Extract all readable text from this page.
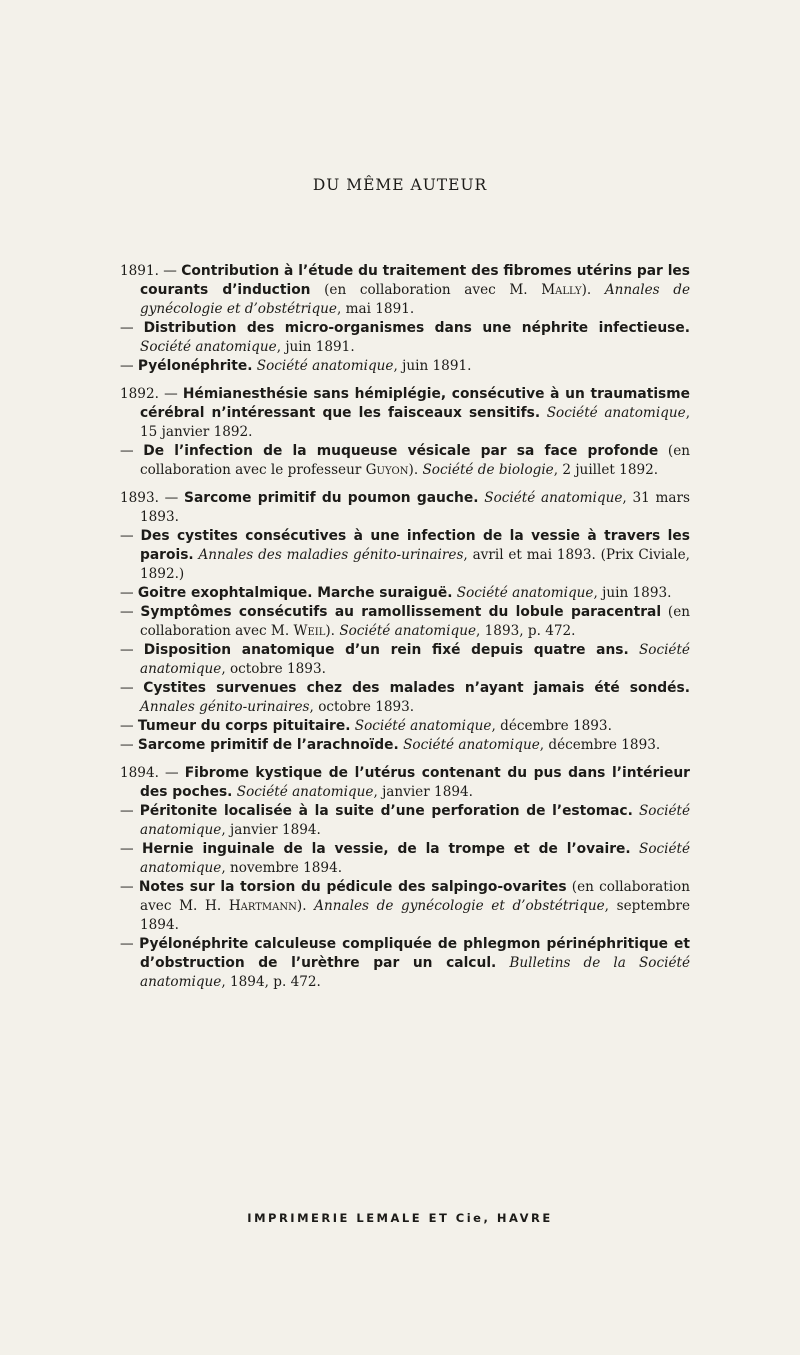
DU MÊME AUTEUR
1891. — Contribution à l’étude du traitement des fibromes utérins par les courants d’induction (en collaboration avec M. Mally). Annales de gynécologie et d’obstétrique, mai 1891.
— Distribution des micro-organismes dans une néphrite infectieuse. Société anatomique, juin 1891.
— Pyélonéphrite. Société anatomique, juin 1891.
1892. — Hémianesthésie sans hémiplégie, consécutive à un traumatisme cérébral n’intéressant que les faisceaux sensitifs. Société anatomique, 15 janvier 1892.
— De l’infection de la muqueuse vésicale par sa face profonde (en collaboration avec le professeur Guyon). Société de biologie, 2 juillet 1892.
1893. — Sarcome primitif du poumon gauche. Société anatomique, 31 mars 1893.
— Des cystites consécutives à une infection de la vessie à travers les parois. Annales des maladies génito-urinaires, avril et mai 1893. (Prix Civiale, 1892.)
— Goitre exophtalmique. Marche suraiguë. Société anatomique, juin 1893.
— Symptômes consécutifs au ramollissement du lobule paracentral (en collaboration avec M. Weil). Société anatomique, 1893, p. 472.
— Disposition anatomique d’un rein fixé depuis quatre ans. Société anatomique, octobre 1893.
— Cystites survenues chez des malades n’ayant jamais été sondés. Annales génito-urinaires, octobre 1893.
— Tumeur du corps pituitaire. Société anatomique, décembre 1893.
— Sarcome primitif de l’arachnoïde. Société anatomique, décembre 1893.
1894. — Fibrome kystique de l’utérus contenant du pus dans l’intérieur des poches. Société anatomique, janvier 1894.
— Péritonite localisée à la suite d’une perforation de l’estomac. Société anatomique, janvier 1894.
— Hernie inguinale de la vessie, de la trompe et de l’ovaire. Société anatomique, novembre 1894.
— Notes sur la torsion du pédicule des salpingo-ovarites (en collaboration avec M. H. Hartmann). Annales de gynécologie et d’obstétrique, septembre 1894.
— Pyélonéphrite calculeuse compliquée de phlegmon périnéphritique et d’obstruction de l’urèthre par un calcul. Bulletins de la Société anatomique, 1894, p. 472.
IMPRIMERIE LEMALE ET Cie, HAVRE
